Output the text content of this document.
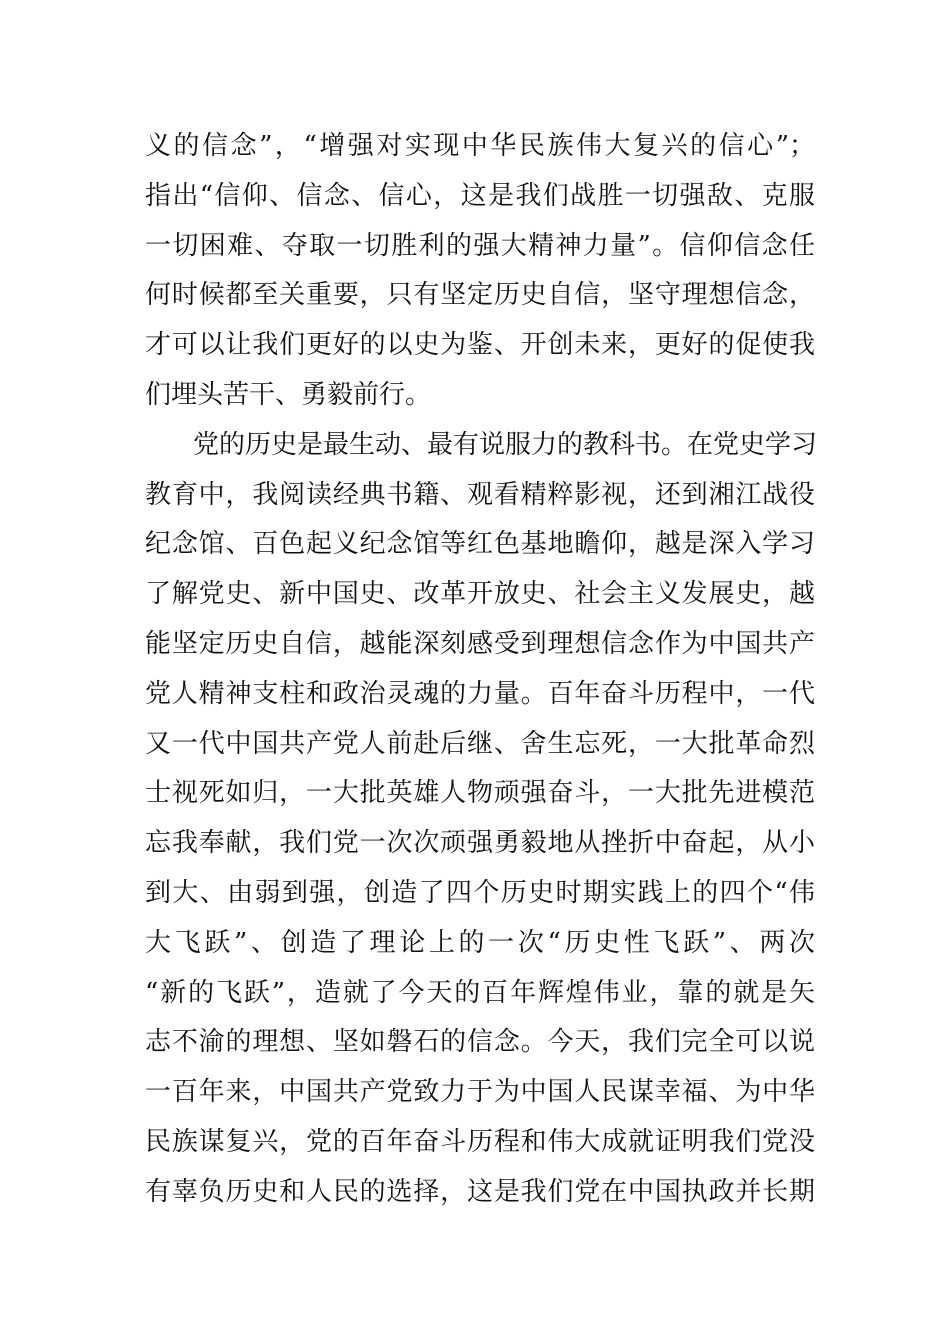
义的信念”，“增强对实现中华民族伟大复兴的信心”；
指出“信仰、信念、信心，这是我们战胜一切强敌、克服
一切困难、夺取一切胜利的强大精神力量”。信仰信念任
何时候都至关重要，只有坚定历史自信，坚守理想信念，
才可以让我们更好的以史为鉴、开创未来，更好的促使我
们埋头苦干、勇毅前行。
党的历史是最生动、最有说服力的教科书。在党史学习
教育中，我阅读经典书籍、观看精粹影视，还到湘江战役
纪念馆、百色起义纪念馆等红色基地瞻仰，越是深入学习
了解党史、新中国史、改革开放史、社会主义发展史，越
能坚定历史自信，越能深刻感受到理想信念作为中国共产
党人精神支柱和政治灵魂的力量。百年奋斗历程中，一代
又一代中国共产党人前赴后继、舍生忘死，一大批革命烈
士视死如归，一大批英雄人物顽强奋斗，一大批先进模范
忘我奉献，我们党一次次顽强勇毅地从挫折中奋起，从小
到大、由弱到强，创造了四个历史时期实践上的四个“伟
大飞跃”、创造了理论上的一次“历史性飞跃”、两次
“新的飞跃”，造就了今天的百年辉煌伟业，靠的就是矢
志不渝的理想、坚如磐石的信念。今天，我们完全可以说
一百年来，中国共产党致力于为中国人民谋幸福、为中华
民族谋复兴，党的百年奋斗历程和伟大成就证明我们党没
有辜负历史和人民的选择，这是我们党在中国执政并长期
